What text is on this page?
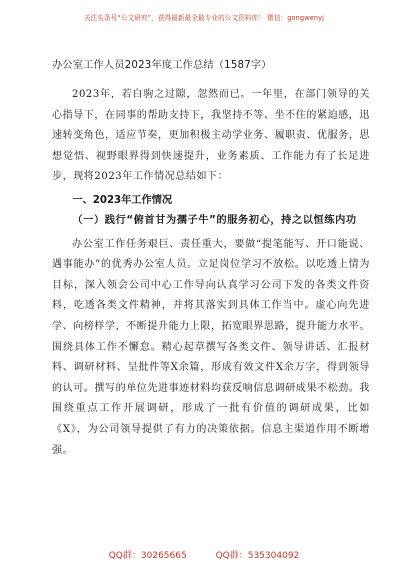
关注头条号“公文研究”，获得最新最全最专业的公文资料库！ 微信：gongwenyj
办公室工作人员2023年度工作总结（1587字）

2023年，若白驹之过隙，忽然而已。一年里，在部门领导的关心指导下，在同事的帮助支持下，我坚持不等、坐不住的紧迫感，迅速转变角色，适应节奏，更加积极主动学业务、履职责、优服务，思想觉悟、视野眼界得到快速提升，业务素质、工作能力有了长足进步，现将2023年工作情况总结如下：

一、2023年工作情况
（一）践行“俯首甘为孺子牛”的服务初心，持之以恒练内功

办公室工作任务艰巨、责任重大，要做“提笔能写、开口能说、遇事能办”的优秀办公室人员。立足岗位学习不放松。以吃透上情为目标，深入领会公司中心工作导向认真学习公司下发的各类文件资料，吃透各类文件精神，并将其落实到具体工作当中。虚心向先进学、向榜样学，不断提升能力上限，拓宽眼界思路，提升能力水平。围绕具体工作不懈怠。精心起草撰写各类文件、领导讲话、汇报材料、调研材料、呈批件等X余篇，形成有效文件X余万字，得到领导的认可。撰写的单位先进事迹材料均获反响信息调研成果不松劲。我围绕重点工作开展调研，形成了一批有价值的调研成果，比如《X》，为公司领导提供了有力的决策依据。信息主渠道作用不断增强。

QQ群：30265665	QQ群：535304092
